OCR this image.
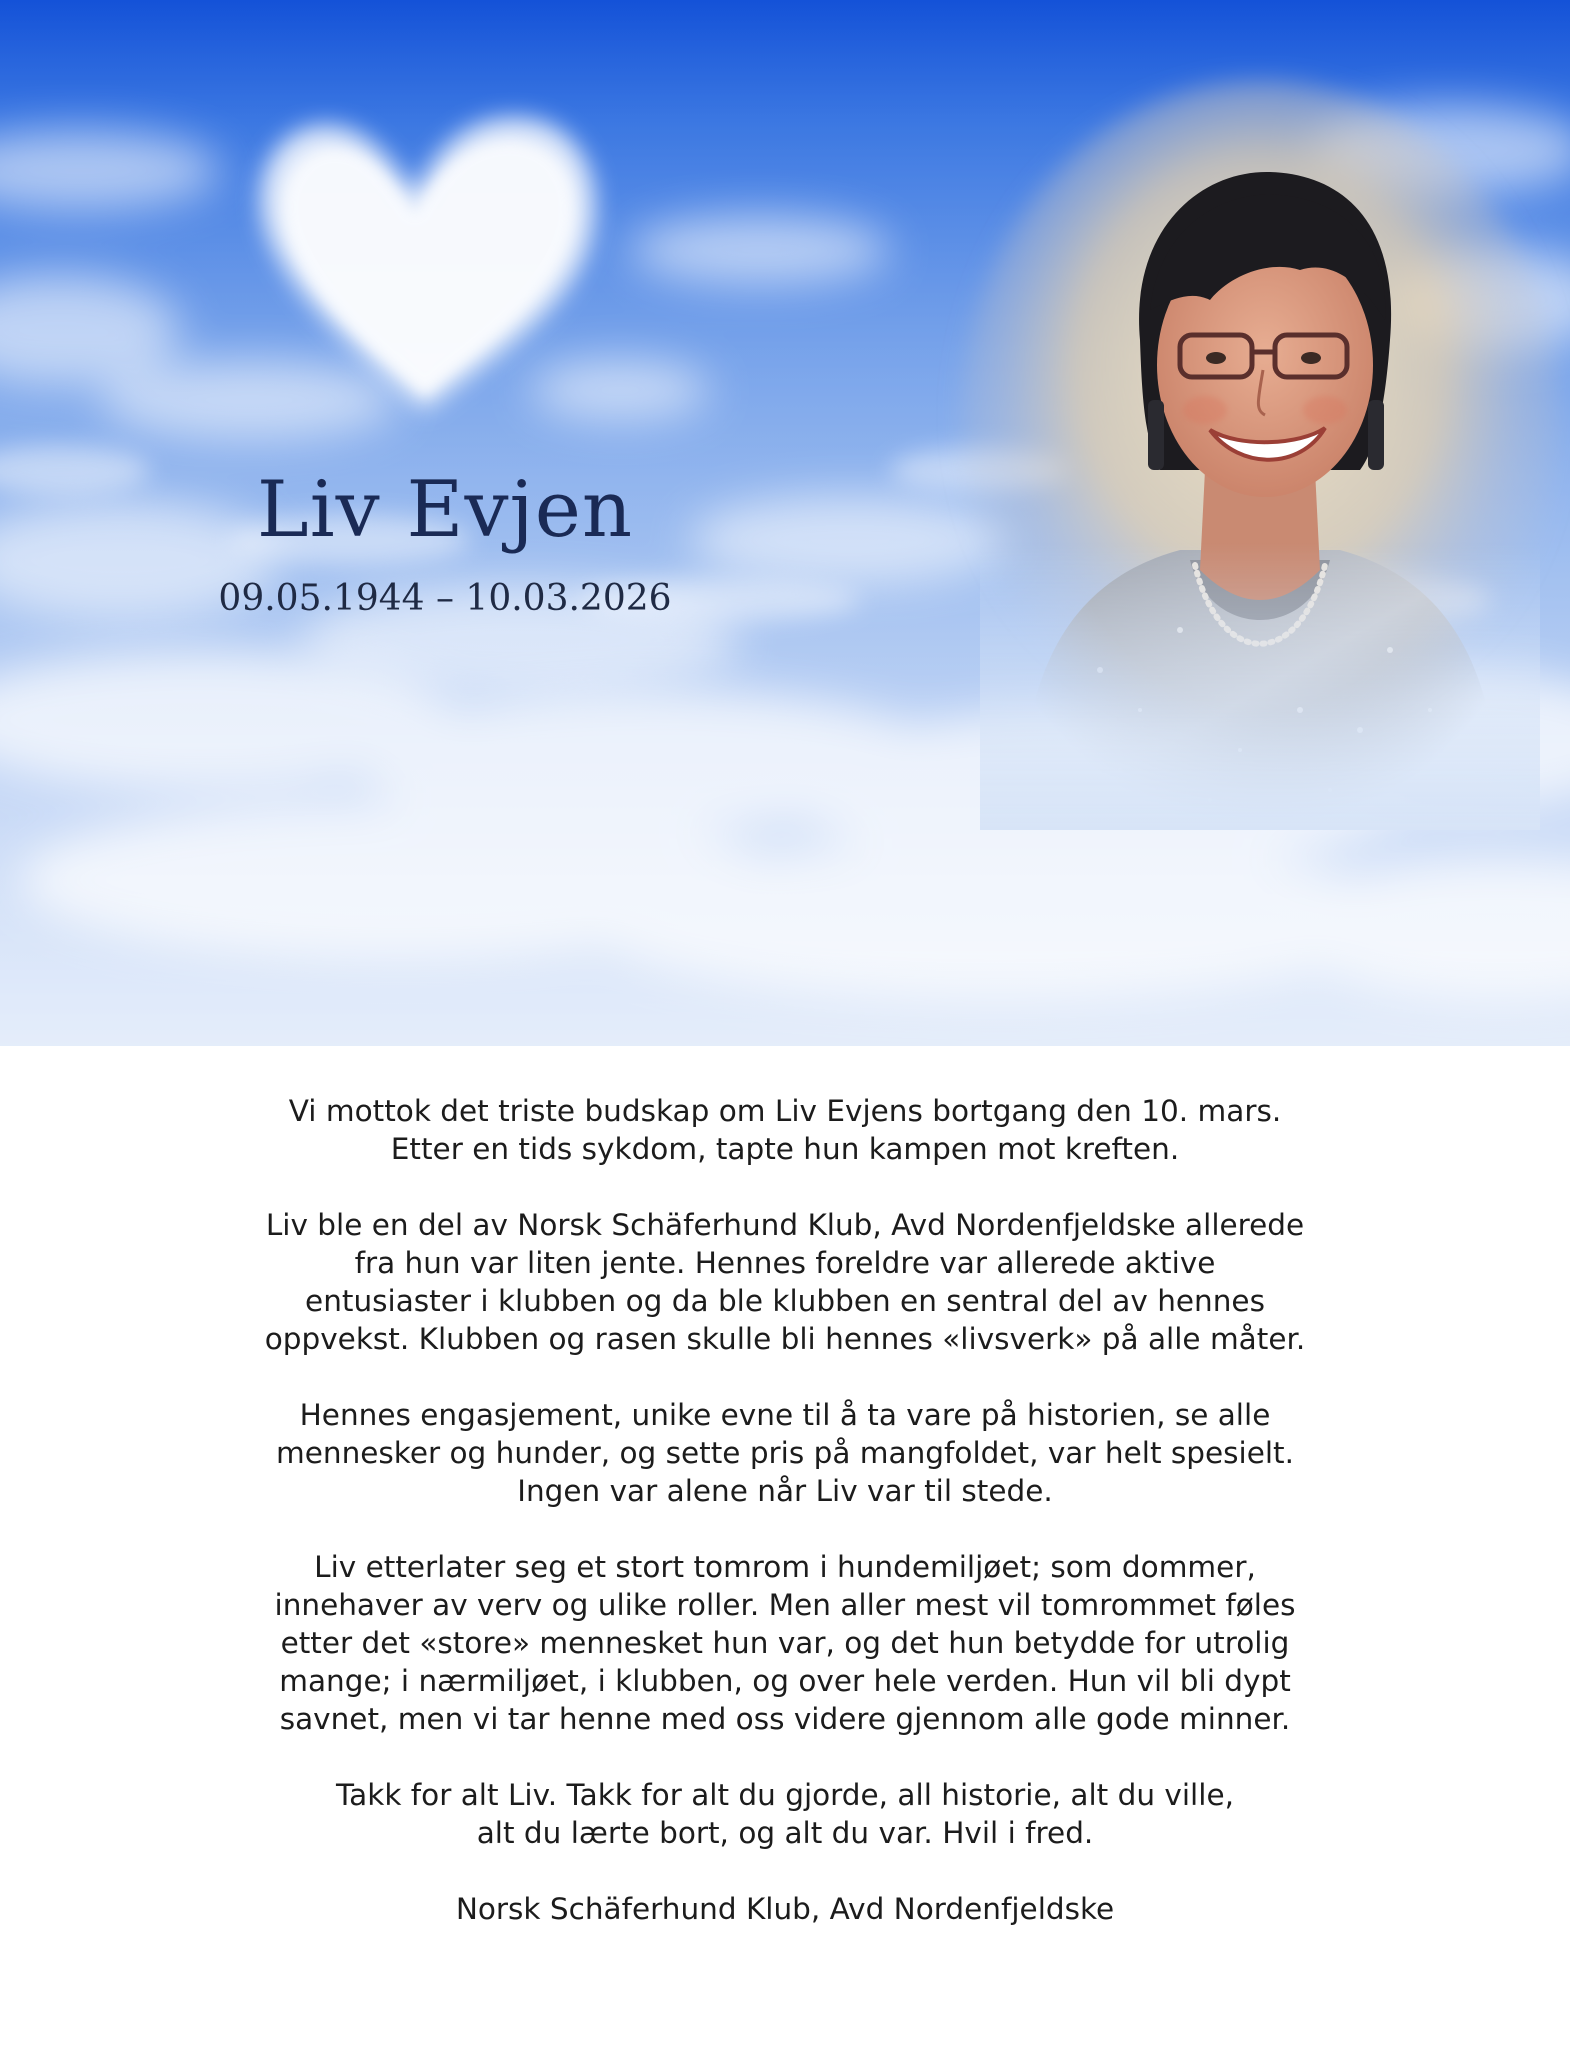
Liv Evjen
09.05.1944 – 10.03.2026

Vi mottok det triste budskap om Liv Evjens bortgang den 10. mars.
Etter en tids sykdom, tapte hun kampen mot kreften.

Liv ble en del av Norsk Schäferhund Klub, Avd Nordenfjeldske allerede
fra hun var liten jente. Hennes foreldre var allerede aktive
entusiaster i klubben og da ble klubben en sentral del av hennes
oppvekst. Klubben og rasen skulle bli hennes «livsverk» på alle måter.

Hennes engasjement, unike evne til å ta vare på historien, se alle
mennesker og hunder, og sette pris på mangfoldet, var helt spesielt.
Ingen var alene når Liv var til stede.

Liv etterlater seg et stort tomrom i hundemiljøet; som dommer,
innehaver av verv og ulike roller. Men aller mest vil tomrommet føles
etter det «store» mennesket hun var, og det hun betydde for utrolig
mange; i nærmiljøet, i klubben, og over hele verden. Hun vil bli dypt
savnet, men vi tar henne med oss videre gjennom alle gode minner.

Takk for alt Liv. Takk for alt du gjorde, all historie, alt du ville,
alt du lærte bort, og alt du var. Hvil i fred.

Norsk Schäferhund Klub, Avd Nordenfjeldske
